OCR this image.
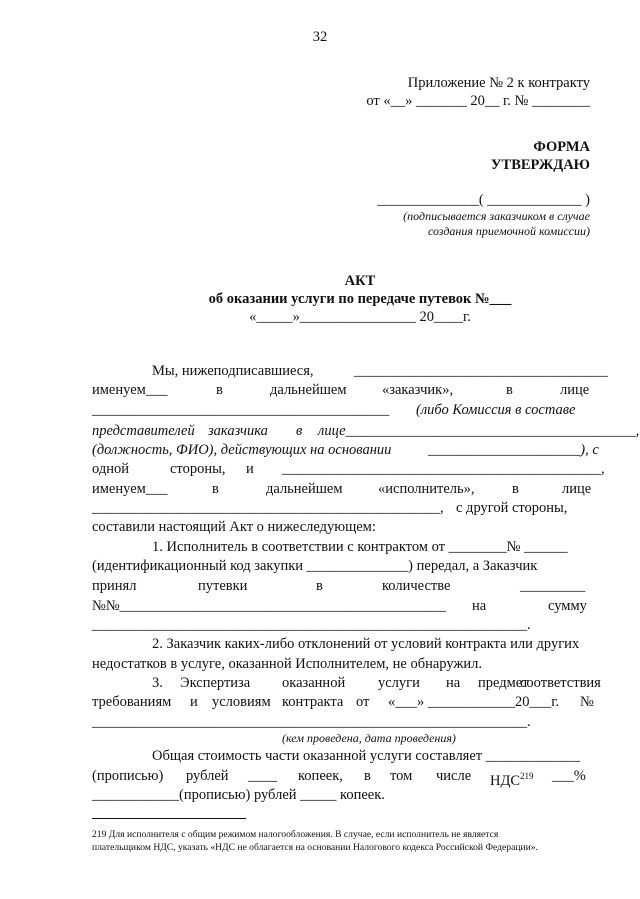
32
Приложение № 2 к контракту
от «__» _______ 20__ г. № ________
ФОРМА
УТВЕРЖДАЮ
______________( _____________ )
(подписывается заказчиком в случае
создания приемочной комиссии)
АКТ
об оказании услуги по передаче путевок №___
«_____»________________ 20____г.
Мы, нижеподписавшиеся,	___________________________________
именуем___	в	дальнейшем «заказчик»,	в	лице
_________________________________________ (либо Комиссия в составе
представителей заказчика в лице________________________________________,
(должность, ФИО), действующих на основании	_____________________), с
одной	стороны, и ____________________________________________,
именуем___	в	дальнейшем «исполнитель»,	в	лице
________________________________________________, с другой стороны,
составили настоящий Акт о нижеследующем:
1. Исполнитель в соответствии с контрактом от ________№ ______
(идентификационный код закупки ______________) передал, а Заказчик
принял	путевки	в	количестве	_________
№№_____________________________________________ на	сумму
____________________________________________________________.
2. Заказчик каких-либо отклонений от условий контракта или других
недостатков в услуге, оказанной Исполнителем, не обнаружил.
3. Экспертиза оказанной услуги на предмет
соответствия
требованиям и условиям контракта от «___» ____________20___г. №
____________________________________________________________.
(кем проведена, дата проведения)
Общая стоимость части оказанной услуги составляет _____________
(прописью) рублей ____ копеек, в том числе НДС$^{219}$ ___%
____________(прописью) рублей _____ копеек.
219 Для исполнителя с общим режимом налогообложения. В случае, если исполнитель не является
плательщиком НДС, указать «НДС не облагается на основании Налогового кодекса Российской Федерации».
